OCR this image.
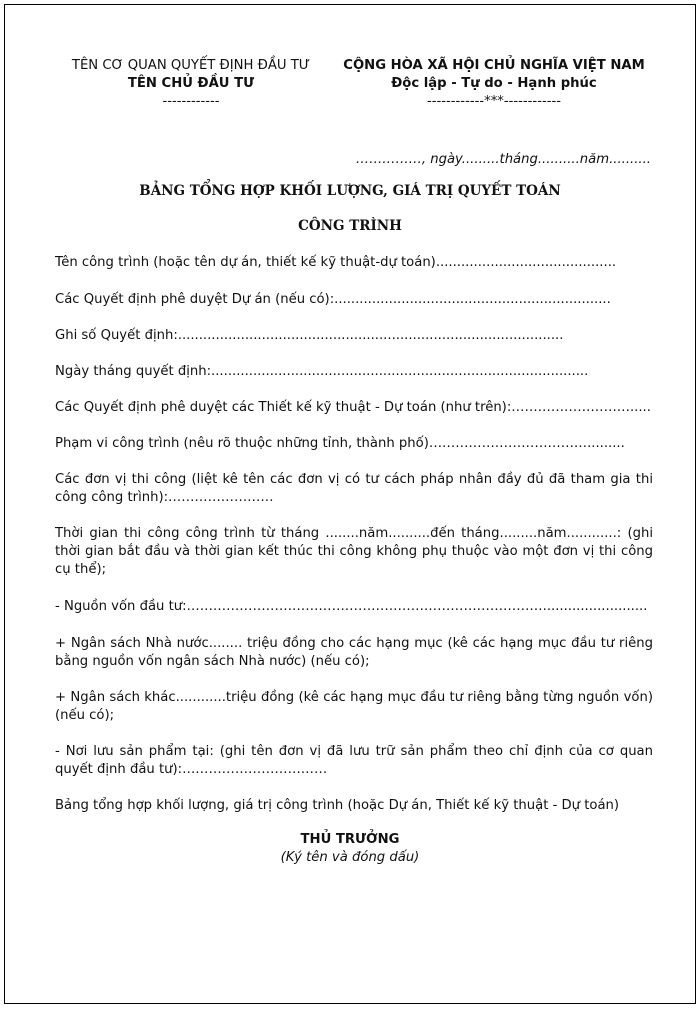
TÊN CƠ QUAN QUYẾT ĐỊNH ĐẦU TƯ
TÊN CHỦ ĐẦU TƯ
------------
CỘNG HÒA XÃ HỘI CHỦ NGHĨA VIỆT NAM
Độc lập - Tự do - Hạnh phúc
------------***------------
……………, ngày.........tháng..........năm..........
BẢNG TỔNG HỢP KHỐI LƯỢNG, GIÁ TRỊ QUYẾT TOÁN
CÔNG TRÌNH
Tên công trình (hoặc tên dự án, thiết kế kỹ thuật-dự toán)...........................................
Các Quyết định phê duyệt Dự án (nếu có):..................................................................
Ghi số Quyết định:............................................................................................
Ngày tháng quyết định:..........................................................................................
Các Quyết định phê duyệt các Thiết kế kỹ thuật - Dự toán (như trên):……………………….....
Phạm vi công trình (nêu rõ thuộc những tỉnh, thành phố)……………………………….........
Các đơn vị thi công (liệt kê tên các đơn vị có tư cách pháp nhân đầy đủ đã tham gia thi công công trình):……………………
Thời gian thi công công trình từ tháng ........năm..........đến tháng.........năm............: (ghi thời gian bắt đầu và thời gian kết thúc thi công không phụ thuộc vào một đơn vị thi công cụ thể);
- Nguồn vốn đầu tư:……………………………………………………………………….........................
+ Ngân sách Nhà nước........ triệu đồng cho các hạng mục (kê các hạng mục đầu tư riêng bằng nguồn vốn ngân sách Nhà nước) (nếu có);
+ Ngân sách khác............triệu đồng (kê các hạng mục đầu tư riêng bằng từng nguồn vốn) (nếu có);
- Nơi lưu sản phẩm tại: (ghi tên đơn vị đã lưu trữ sản phẩm theo chỉ định của cơ quan quyết định đầu tư):……………………………
Bảng tổng hợp khối lượng, giá trị công trình (hoặc Dự án, Thiết kế kỹ thuật - Dự toán)
THỦ TRƯỞNG
(Ký tên và đóng dấu)
